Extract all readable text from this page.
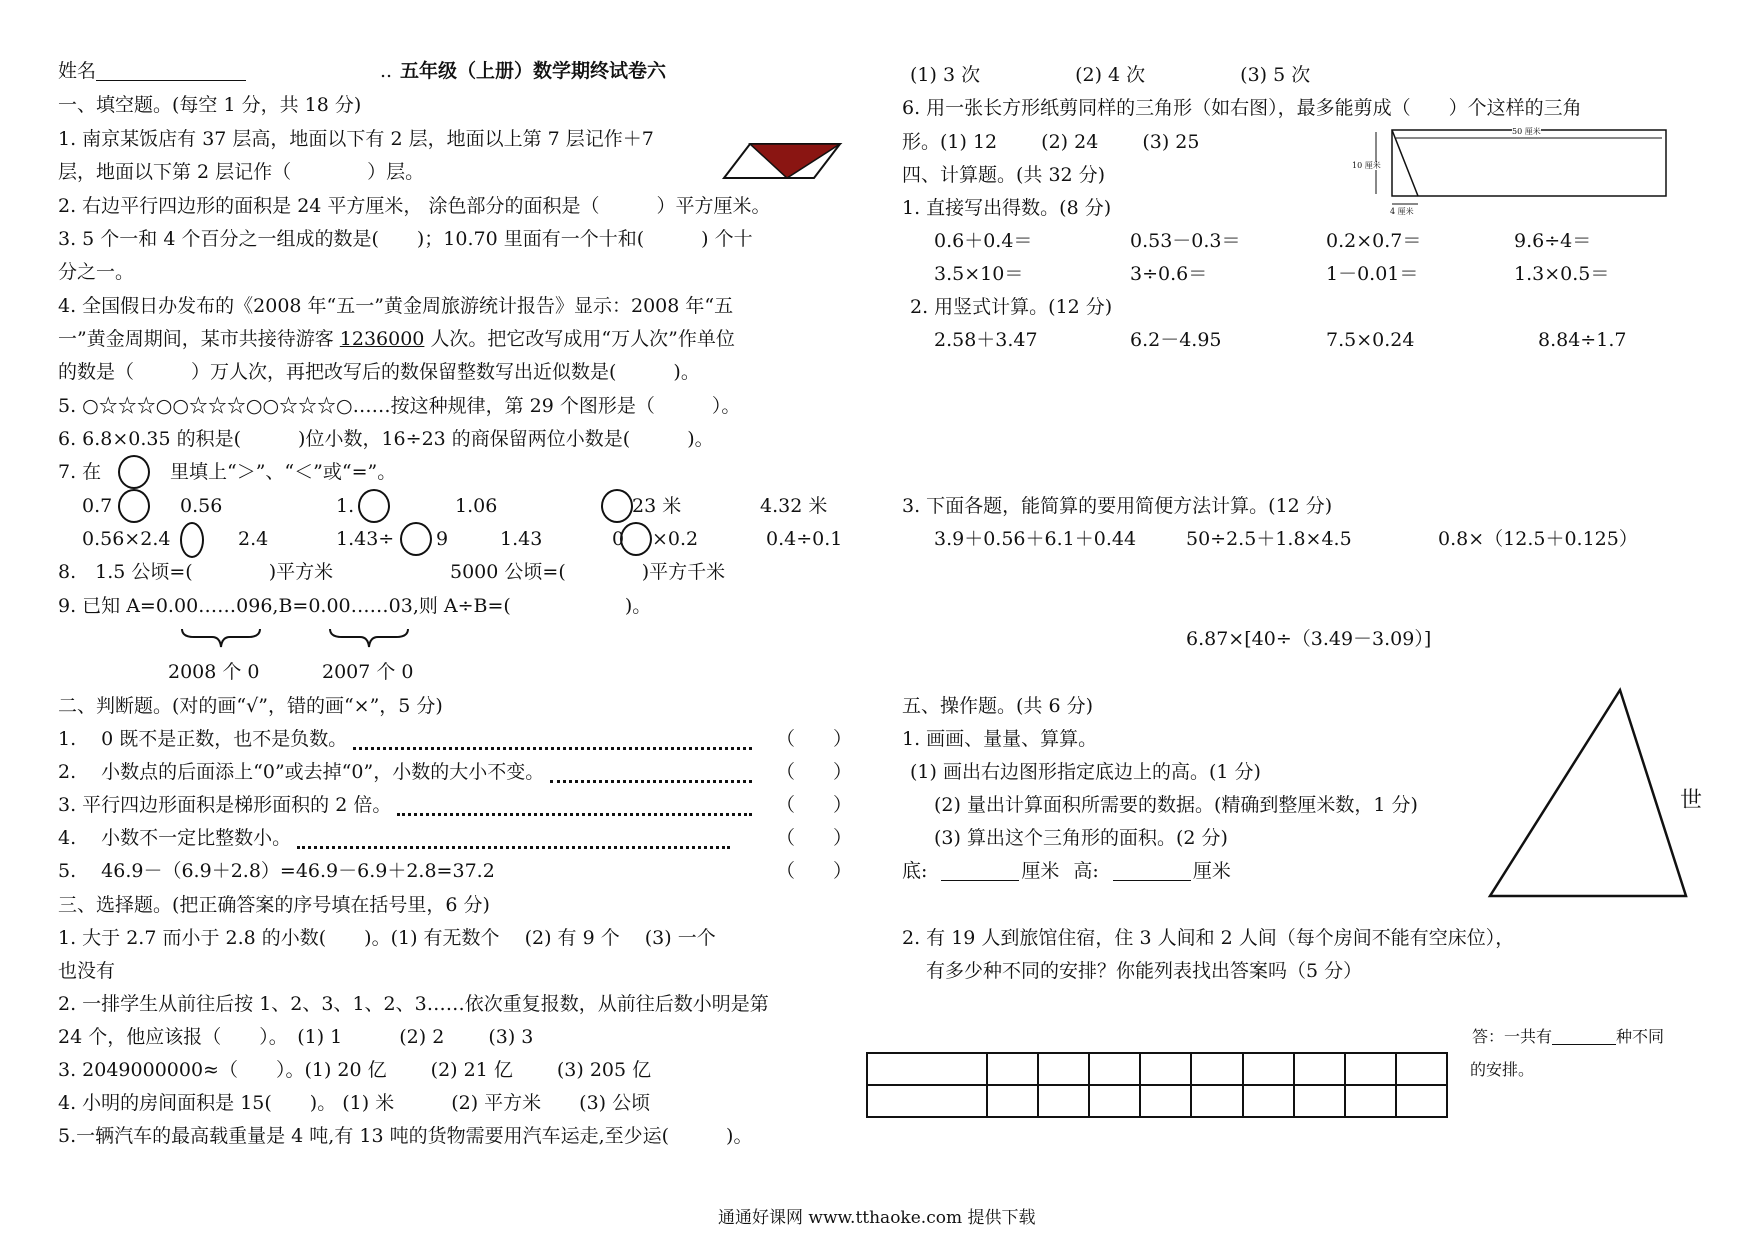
姓名	.. 五年级（上册）数学期终试卷六
一、填空题。(每空 1 分，共 18 分)
1. 南京某饭店有 37 层高，地面以下有 2 层，地面以上第 7 层记作＋7
层，地面以下第 2 层记作（　　　　）层。
2. 右边平行四边形的面积是 24 平方厘米， 涂色部分的面积是（　　　）平方厘米。
3. 5 个一和 4 个百分之一组成的数是(　　)；10.70 里面有一个十和(　　　) 个十
分之一。
4. 全国假日办发布的《2008 年“五一”黄金周旅游统计报告》显示：2008 年“五
一”黄金周期间，某市共接待游客 1236000 人次。把它改写成用“万人次”作单位
的数是（　　　）万人次，再把改写后的数保留整数写出近似数是(　　　)。
5. ○☆☆☆○○☆☆☆○○☆☆☆○……按这种规律，第 29 个图形是（　　　）。
6. 6.8×0.35 的积是(　　　)位小数，16÷23 的商保留两位小数是(　　　)。
7. 在	里填上“＞”、“＜”或“=”。
0.7	0.56	1.	1.06	23 米	4.32 米
0.56×2.4	2.4	1.43÷ 9	1.43	0 ×0.2	0.4÷0.1
8.　1.5 公顷=(　　　　)平方米	5000 公顷=(　　　　)平方千米
9. 已知 A=0.00……096,B=0.00……03,则 A÷B=(　　　　　　)。
2008 个 0	2007 个 0
二、判断题。(对的画“√”，错的画“×”，5 分)
1.　 0 既不是正数，也不是负数。	（　　）
2.　 小数点的后面添上“0”或去掉“0”，小数的大小不变。	（　　）
3. 平行四边形面积是梯形面积的 2 倍。	（　　）
4.　 小数不一定比整数小。	（　　）
5.　 46.9－（6.9＋2.8）=46.9－6.9＋2.8=37.2	（　　）
三、选择题。(把正确答案的序号填在括号里，6 分)
1. 大于 2.7 而小于 2.8 的小数(　　)。(1) 有无数个　 (2) 有 9 个　 (3) 一个
也没有
2. 一排学生从前往后按 1、2、3、1、2、3……依次重复报数，从前往后数小明是第
24 个，他应该报（　　）。　(1) 1　　　(2) 2　　 (3) 3
3. 2049000000≈（　　）。(1) 20 亿　　 (2) 21 亿　　 (3) 205 亿
4. 小明的房间面积是 15(　　)。 (1) 米　　　(2) 平方米　　(3) 公顷
5.一辆汽车的最高载重量是 4 吨,有 13 吨的货物需要用汽车运走,至少运(　　　)。
(1) 3 次　　　　　(2) 4 次　　　　　(3) 5 次
6. 用一张长方形纸剪同样的三角形（如右图），最多能剪成（　　）个这样的三角
形。(1) 12　　 (2) 24　　 (3) 25	50 厘米
10 厘米
4 厘米
四、计算题。(共 32 分)
1. 直接写出得数。(8 分)
0.6＋0.4＝	0.53－0.3＝	0.2×0.7＝	9.6÷4＝
3.5×10＝	3÷0.6＝	1－0.01＝	1.3×0.5＝
2. 用竖式计算。(12 分)
2.58＋3.47	6.2－4.95	7.5×0.24	8.84÷1.7
3. 下面各题，能简算的要用简便方法计算。(12 分)
3.9＋0.56＋6.1＋0.44	50÷2.5＋1.8×4.5	0.8×（12.5＋0.125）
6.87×[40÷（3.49－3.09）]
五、操作题。(共 6 分)
1. 画画、量量、算算。
(1) 画出右边图形指定底边上的高。(1 分)
(2) 量出计算面积所需要的数据。(精确到整厘米数，1 分)
(3) 算出这个三角形的面积。(2 分)
底:	厘米 高:	厘米
世
2. 有 19 人到旅馆住宿，住 3 人间和 2 人间（每个房间不能有空床位），
有多少种不同的安排？你能列表找出答案吗（5 分）

答：一共有	种不同
的安排。
通通好课网 www.tthaoke.com 提供下载
